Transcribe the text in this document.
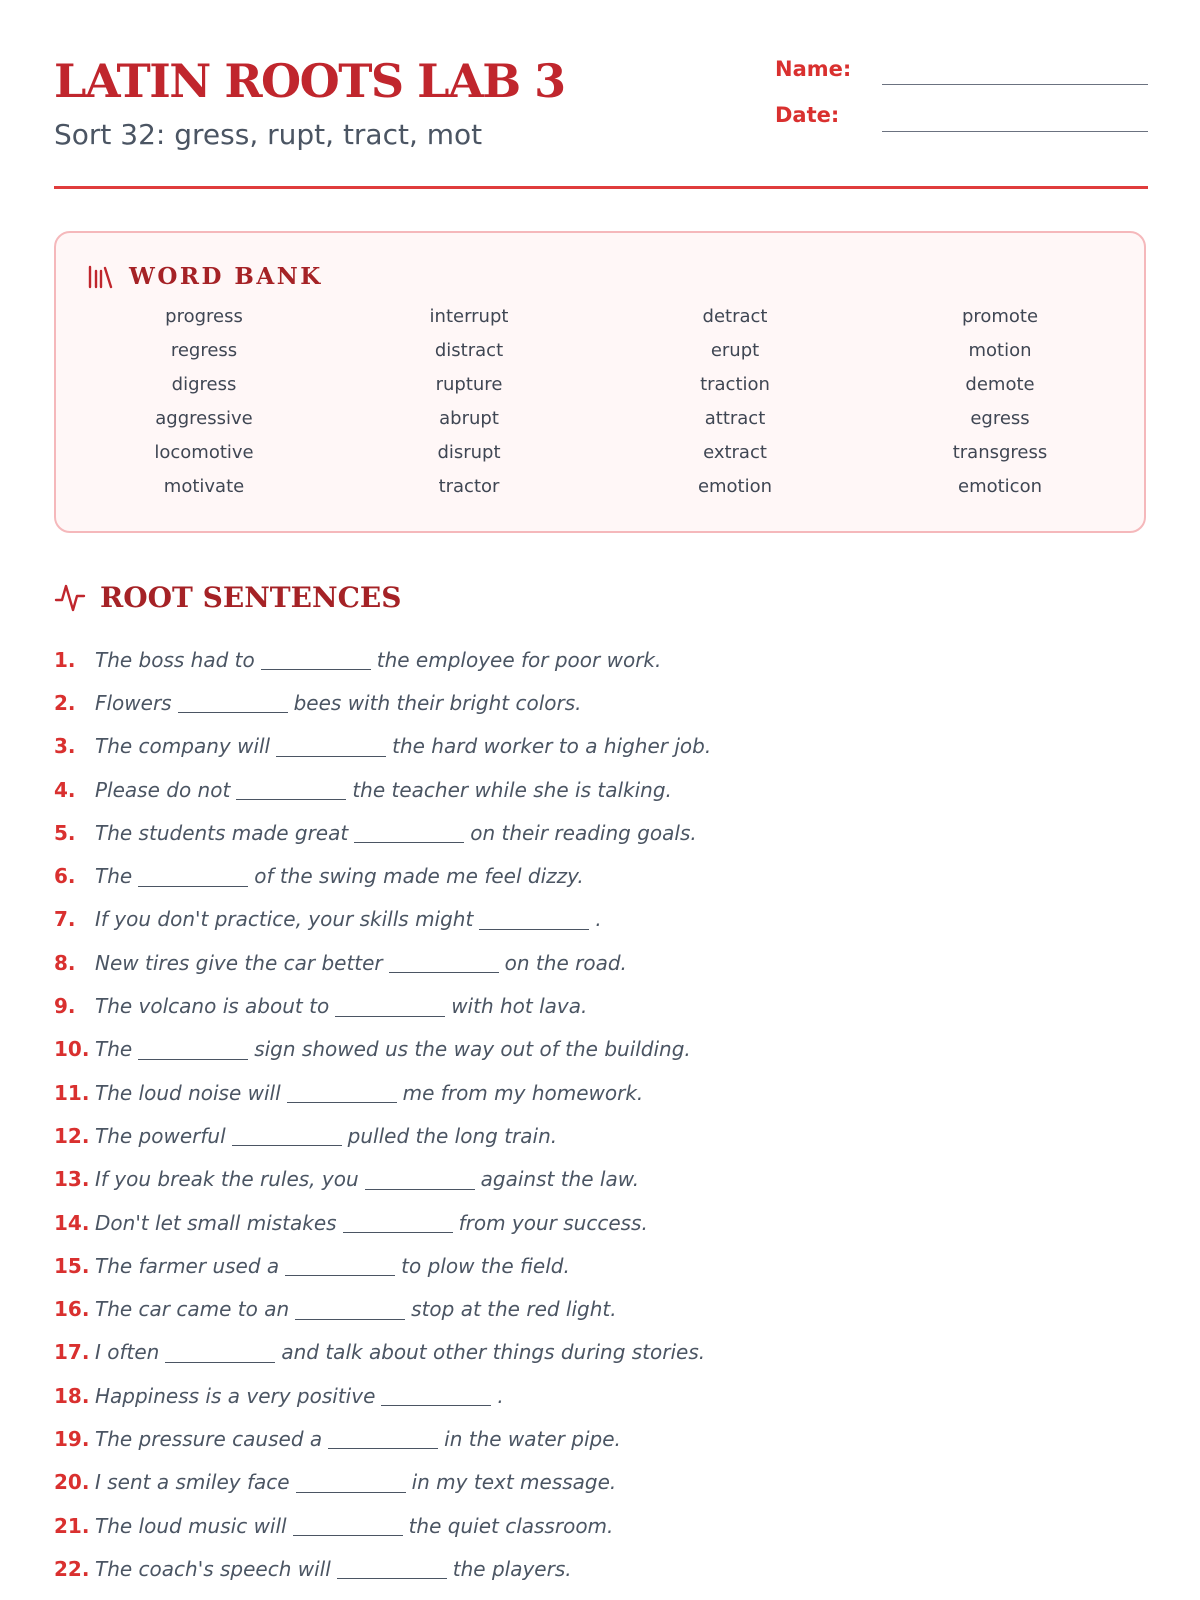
LATIN ROOTS LAB 3

Sort 32: gress, rupt, tract, mot

Name:
Date:
WORD BANK
progress	interrupt	detract	promote
regress	distract	erupt	motion
digress	rupture	traction	demote
aggressive	abrupt	attract	egress
locomotive	disrupt	extract	transgress
motivate	tractor	emotion	emoticon
ROOT SENTENCES
1. The boss had to	the employee for poor work.
2. Flowers	bees with their bright colors.
3. The company will	the hard worker to a higher job.
4. Please do not	the teacher while she is talking.
5. The students made great	on their reading goals.
6. The	of the swing made me feel dizzy.
7. If you don't practice, your skills might	.
8. New tires give the car better	on the road.
9. The volcano is about to	with hot lava.
10. The	sign showed us the way out of the building.
11. The loud noise will	me from my homework.
12. The powerful	pulled the long train.
13. If you break the rules, you	against the law.
14. Don't let small mistakes	from your success.
15. The farmer used a	to plow the field.
16. The car came to an	stop at the red light.
17. I often	and talk about other things during stories.
18. Happiness is a very positive	.
19. The pressure caused a	in the water pipe.
20. I sent a smiley face	in my text message.
21. The loud music will	the quiet classroom.
22. The coach's speech will	the players.
